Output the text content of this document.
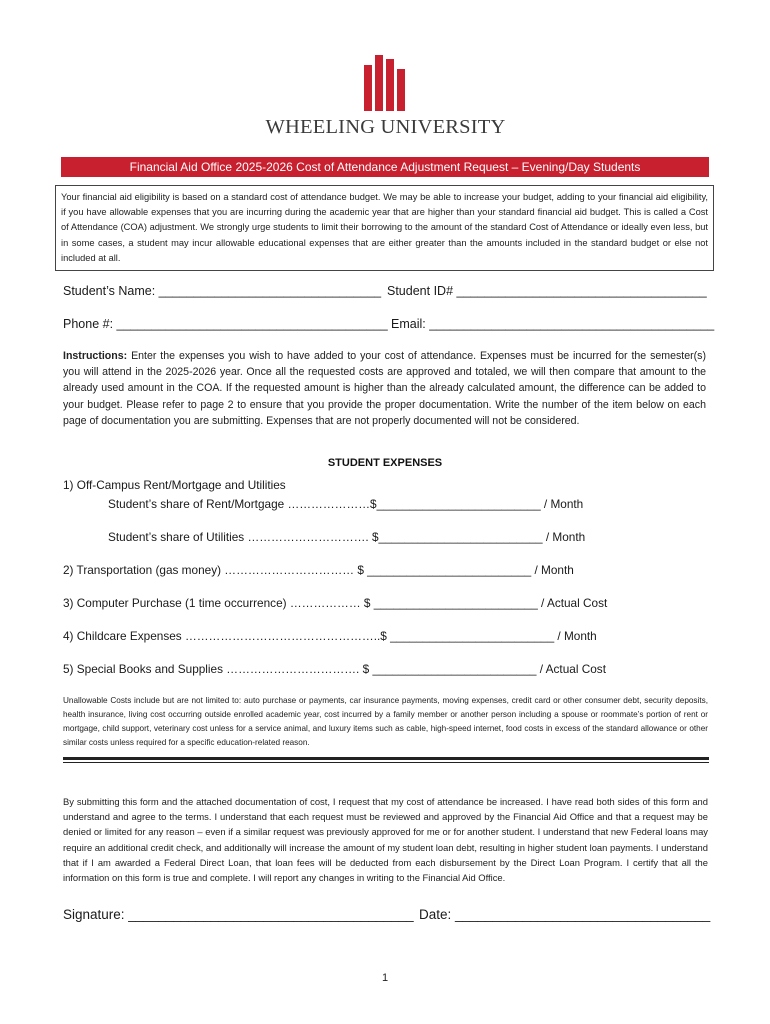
WHEELING UNIVERSITY
Financial Aid Office 2025-2026 Cost of Attendance Adjustment Request – Evening/Day Students
Your financial aid eligibility is based on a standard cost of attendance budget. We may be able to increase your budget, adding to your financial aid eligibility, if you have allowable expenses that you are incurring during the academic year that are higher than your standard financial aid budget. This is called a Cost of Attendance (COA) adjustment. We strongly urge students to limit their borrowing to the amount of the standard Cost of Attendance or ideally even less, but in some cases, a student may incur allowable educational expenses that are either greater than the amounts included in the standard budget or else not included at all.
Student’s Name: ________________________________ Student ID# ____________________________________
Phone #: _______________________________________ Email: _________________________________________
Instructions: Enter the expenses you wish to have added to your cost of attendance. Expenses must be incurred for the semester(s) you will attend in the 2025-2026 year. Once all the requested costs are approved and totaled, we will then compare that amount to the already used amount in the COA. If the requested amount is higher than the already calculated amount, the difference can be added to your budget. Please refer to page 2 to ensure that you provide the proper documentation. Write the number of the item below on each page of documentation you are submitting. Expenses that are not properly documented will not be considered.
STUDENT EXPENSES
1) Off-Campus Rent/Mortgage and Utilities
Student’s share of Rent/Mortgage …………………$_________________________ / Month
Student’s share of Utilities …………………………. $_________________________ / Month
2) Transportation (gas money) …………………………… $ _________________________ / Month
3) Computer Purchase (1 time occurrence) ……………… $ _________________________ / Actual Cost
4) Childcare Expenses …………………………………………..$ _________________________ / Month
5) Special Books and Supplies ……………………………. $ _________________________ / Actual Cost
Unallowable Costs include but are not limited to: auto purchase or payments, car insurance payments, moving expenses, credit card or other consumer debt, security deposits, health insurance, living cost occurring outside enrolled academic year, cost incurred by a family member or another person including a spouse or roommate’s portion of rent or mortgage, child support, veterinary cost unless for a service animal, and luxury items such as cable, high-speed internet, food costs in excess of the standard allowance or other similar costs unless required for a specific education-related reason.
By submitting this form and the attached documentation of cost, I request that my cost of attendance be increased. I have read both sides of this form and understand and agree to the terms. I understand that each request must be reviewed and approved by the Financial Aid Office and that a request may be denied or limited for any reason – even if a similar request was previously approved for me or for another student. I understand that new Federal loans may require an additional credit check, and additionally will increase the amount of my student loan debt, resulting in higher student loan payments. I understand that if I am awarded a Federal Direct Loan, that loan fees will be deducted from each disbursement by the Direct Loan Program. I certify that all the information on this form is true and complete. I will report any changes in writing to the Financial Aid Office.
Signature: ______________________________________ Date: __________________________________
1
